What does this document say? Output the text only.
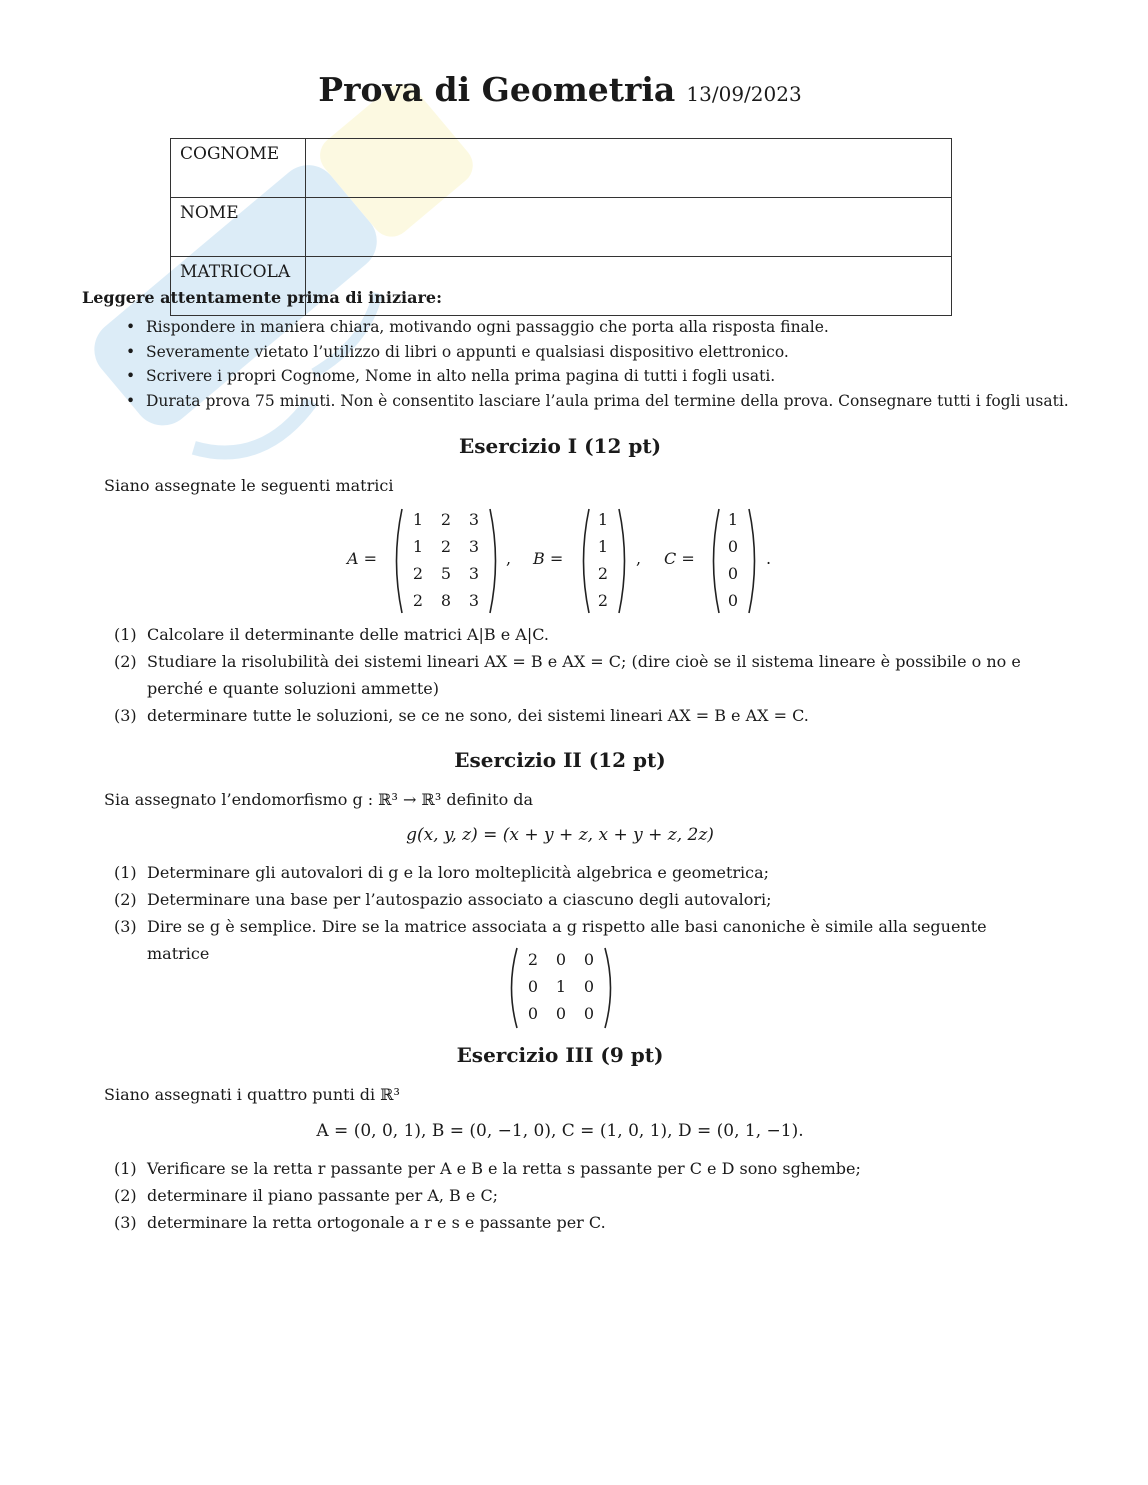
Prova di Geometria 13/09/2023
COGNOME	
NOME	
MATRICOLA	
Leggere attentamente prima di iniziare:
• Rispondere in maniera chiara, motivando ogni passaggio che porta alla risposta finale.
• Severamente vietato l’utilizzo di libri o appunti e qualsiasi dispositivo elettronico.
• Scrivere i propri Cognome, Nome in alto nella prima pagina di tutti i fogli usati.
• Durata prova 75 minuti. Non è consentito lasciare l’aula prima del termine della prova. Consegnare tutti i fogli usati.
Esercizio I (12 pt)
Siano assegnate le seguenti matrici
A =
1	2	3
1	2	3
2	5	3
2	8	3
, B =
1
1
2
2
, C =
1
0
0
0
.
(1) Calcolare il determinante delle matrici A|B e A|C.
(2) Studiare la risolubilità dei sistemi lineari AX = B e AX = C; (dire cioè se il sistema lineare è possibile o no e perché e quante soluzioni ammette)
(3) determinare tutte le soluzioni, se ce ne sono, dei sistemi lineari AX = B e AX = C.
Esercizio II (12 pt)
Sia assegnato l’endomorfismo g : ℝ³ → ℝ³ definito da
g(x, y, z) = (x + y + z, x + y + z, 2z)
(1) Determinare gli autovalori di g e la loro molteplicità algebrica e geometrica;
(2) Determinare una base per l’autospazio associato a ciascuno degli autovalori;
(3) Dire se g è semplice. Dire se la matrice associata a g rispetto alle basi canoniche è simile alla seguente matrice	2	0	0
0	1	0
0	0	0
Esercizio III (9 pt)
Siano assegnati i quattro punti di ℝ³
A = (0, 0, 1), B = (0, −1, 0), C = (1, 0, 1), D = (0, 1, −1).
(1) Verificare se la retta r passante per A e B e la retta s passante per C e D sono sghembe;
(2) determinare il piano passante per A, B e C;
(3) determinare la retta ortogonale a r e s e passante per C.
